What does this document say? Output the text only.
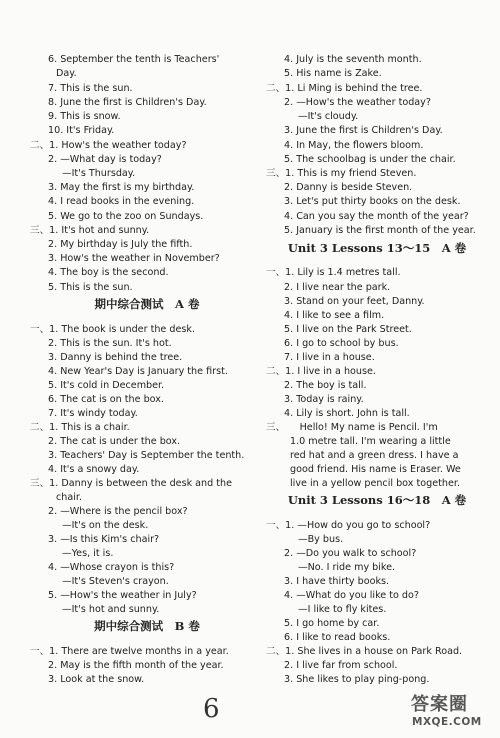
6. September the tenth is Teachers'
Day.
7. This is the sun.
8. June the first is Children's Day.
9. This is snow.
10. It's Friday.
二、1. How's the weather today?
2. —What day is today?
—It's Thursday.
3. May the first is my birthday.
4. I read books in the evening.
5. We go to the zoo on Sundays.
三、1. It's hot and sunny.
2. My birthday is July the fifth.
3. How's the weather in November?
4. The boy is the second.
5. This is the sun.
一、1. The book is under the desk.
2. This is the sun. It's hot.
3. Danny is behind the tree.
4. New Year's Day is January the first.
5. It's cold in December.
6. The cat is on the box.
7. It's windy today.
二、1. This is a chair.
2. The cat is under the box.
3. Teachers' Day is September the tenth.
4. It's a snowy day.
三、1. Danny is between the desk and the
chair.
2. —Where is the pencil box?
—It's on the desk.
3. —Is this Kim's chair?
—Yes, it is.
4. —Whose crayon is this?
—It's Steven's crayon.
5. —How's the weather in July?
—It's hot and sunny.
一、1. There are twelve months in a year.
2. May is the fifth month of the year.
3. Look at the snow.
期中综合测试　A 卷
期中综合测试　B 卷
4. July is the seventh month.
5. His name is Zake.
二、1. Li Ming is behind the tree.
2. —How's the weather today?
—It's cloudy.
3. June the first is Children's Day.
4. In May, the flowers bloom.
5. The schoolbag is under the chair.
三、1. This is my friend Steven.
2. Danny is beside Steven.
3. Let's put thirty books on the desk.
4. Can you say the month of the year?
5. January is the first month of the year.
一、1. Lily is 1.4 metres tall.
2. I live near the park.
3. Stand on your feet, Danny.
4. I like to see a film.
5. I live on the Park Street.
6. I go to school by bus.
7. I live in a house.
二、1. I live in a house.
2. The boy is tall.
3. Today is rainy.
4. Lily is short. John is tall.
三、　　Hello! My name is Pencil. I'm
1.0 metre tall. I'm wearing a little
red hat and a green dress. I have a
good friend. His name is Eraser. We
live in a yellow pencil box together.
一、1. —How do you go to school?
—By bus.
2. —Do you walk to school?
—No. I ride my bike.
3. I have thirty books.
4. —What do you like to do?
—I like to fly kites.
5. I go home by car.
6. I like to read books.
二、1. She lives in a house on Park Road.
2. I live far from school.
3. She likes to play ping-pong.
Unit 3 Lessons 13～15　A 卷
Unit 3 Lessons 16～18　A 卷
6	答案圈
MXQE.COM
